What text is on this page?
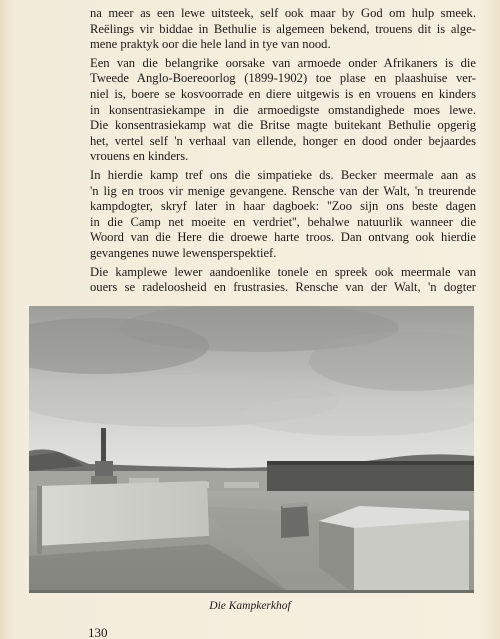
na meer as een lewe uitsteek, self ook maar by God om hulp smeek.
Reëlings vir biddae in Bethulie is algemeen bekend, trouens dit is alge-
mene praktyk oor die hele land in tye van nood.

Een van die belangrike oorsake van armoede onder Afrikaners is die
Tweede Anglo-Boereoorlog (1899-1902) toe plase en plaashuise ver-
niel is, boere se kosvoorrade en diere uitgewis is en vrouens en kinders
in konsentrasiekampe in die armoedigste omstandighede moes lewe.
Die konsentrasiekamp wat die Britse magte buitekant Bethulie opgerig
het, vertel self 'n verhaal van ellende, honger en dood onder bejaardes
vrouens en kinders.

In hierdie kamp tref ons die simpatieke ds. Becker meermale aan as
'n lig en troos vir menige gevangene. Rensche van der Walt, 'n treurende
kampdogter, skryf later in haar dagboek: ''Zoo sijn ons beste dagen
in die Camp net moeite en verdriet'', behalwe natuurlik wanneer die
Woord van die Here die droewe harte troos. Dan ontvang ook hierdie
gevangenes nuwe lewensperspektief.

Die kamplewe lewer aandoenlike tonele en spreek ook meermale van
ouers se radeloosheid en frustrasies. Rensche van der Walt, 'n dogter

Die Kampkerkhof
130
